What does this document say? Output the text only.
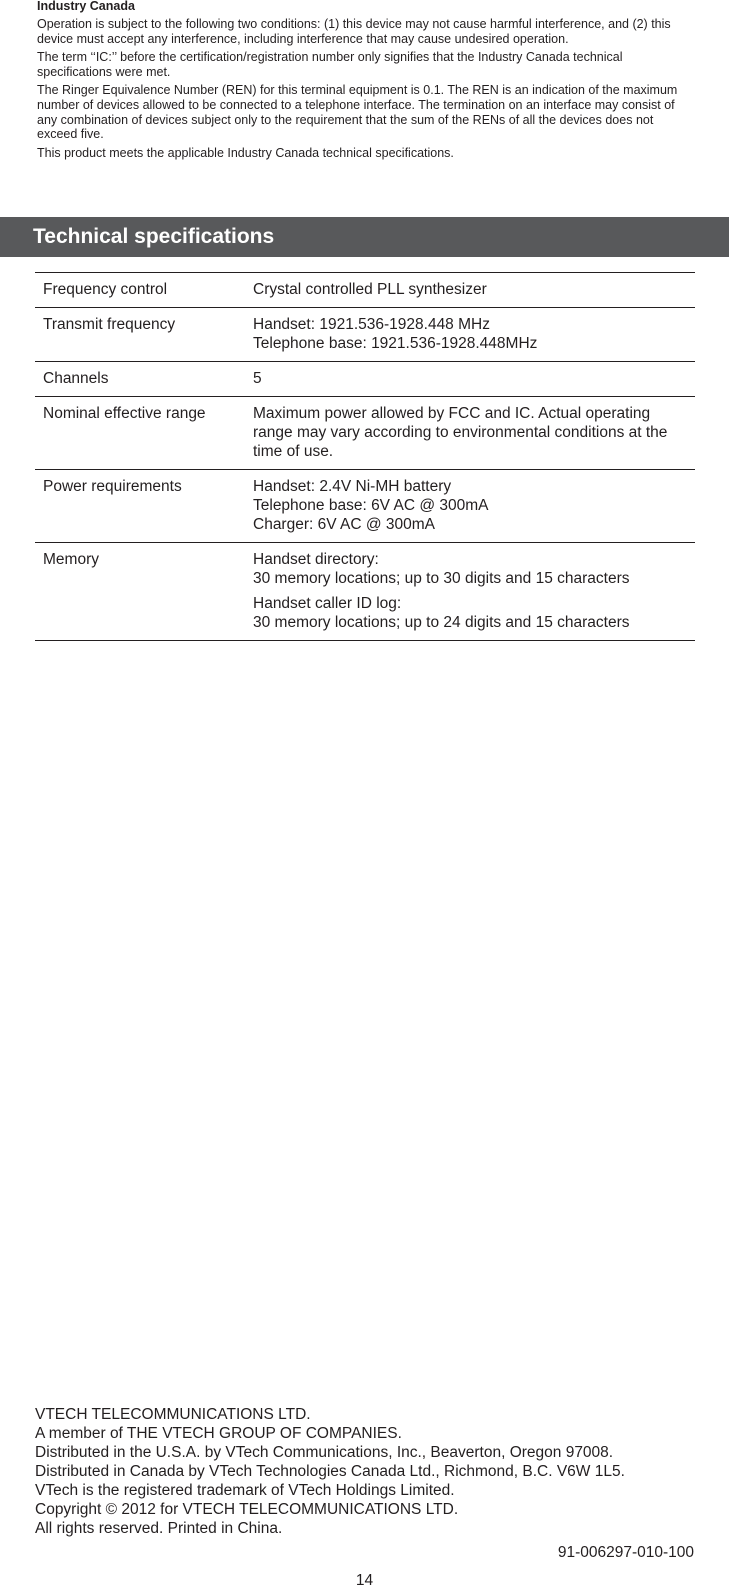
Industry Canada

Operation is subject to the following two conditions: (1) this device may not cause harmful interference, and (2) this device must accept any interference, including interference that may cause undesired operation.

The term ‘‘IC:’’ before the certification/registration number only signifies that the Industry Canada technical specifications were met.

The Ringer Equivalence Number (REN) for this terminal equipment is 0.1. The REN is an indication of the maximum number of devices allowed to be connected to a telephone interface. The termination on an interface may consist of any combination of devices subject only to the requirement that the sum of the RENs of all the devices does not exceed five.

This product meets the applicable Industry Canada technical specifications.

Technical specifications
Frequency control	Crystal controlled PLL synthesizer

Transmit frequency	Handset: 1921.536-1928.448 MHz
Telephone base: 1921.536-1928.448MHz

Channels	5

Nominal effective range	Maximum power allowed by FCC and IC. Actual operating range may vary according to environmental conditions at the time of use.

Power requirements	Handset: 2.4V Ni-MH battery
Telephone base: 6V AC @ 300mA
Charger: 6V AC @ 300mA

Memory	Handset directory:
30 memory locations; up to 30 digits and 15 characters
Handset caller ID log:
30 memory locations; up to 24 digits and 15 characters
VTECH TELECOMMUNICATIONS LTD.
A member of THE VTECH GROUP OF COMPANIES.
Distributed in the U.S.A. by VTech Communications, Inc., Beaverton, Oregon 97008.
Distributed in Canada by VTech Technologies Canada Ltd., Richmond, B.C. V6W 1L5.
VTech is the registered trademark of VTech Holdings Limited.
Copyright © 2012 for VTECH TELECOMMUNICATIONS LTD.
All rights reserved. Printed in China.
91-006297-010-100
14
